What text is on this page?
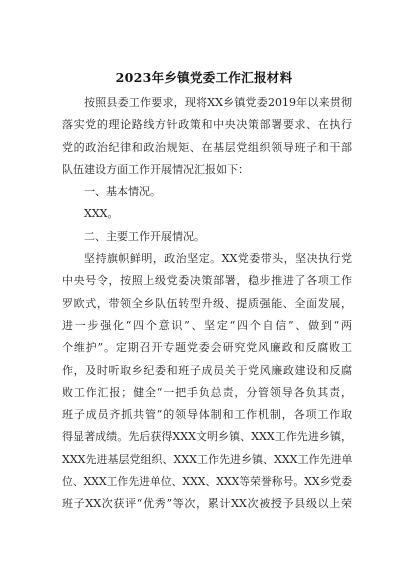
2023年乡镇党委工作汇报材料
按照县委工作要求，现将XX乡镇党委2019年以来贯彻
落实党的理论路线方针政策和中央决策部署要求、在执行
党的政治纪律和政治规矩、在基层党组织领导班子和干部
队伍建设方面工作开展情况汇报如下：
一、基本情况。
XXX。
二、主要工作开展情况。
坚持旗帜鲜明，政治坚定。XX党委带头，坚决执行党
中央号令，按照上级党委决策部署，稳步推进了各项工作
罗欧式，带领全乡队伍转型升级、提质强能、全面发展，
进一步强化“四个意识”、坚定“四个自信”、做到“两
个维护”。定期召开专题党委会研究党风廉政和反腐败工
作，及时听取乡纪委和班子成员关于党风廉政建设和反腐
败工作汇报；健全“一把手负总责，分管领导各负其责，
班子成员齐抓共管”的领导体制和工作机制，各项工作取
得显著成绩。先后获得XXX文明乡镇、XXX工作先进乡镇，
XXX先进基层党组织、XXX工作先进乡镇、XXX工作先进单
位、XXX工作先进单位、XXX、XXX等荣誉称号。XX乡党委
班子XX次获评“优秀”等次，累计XX次被授予县级以上荣
